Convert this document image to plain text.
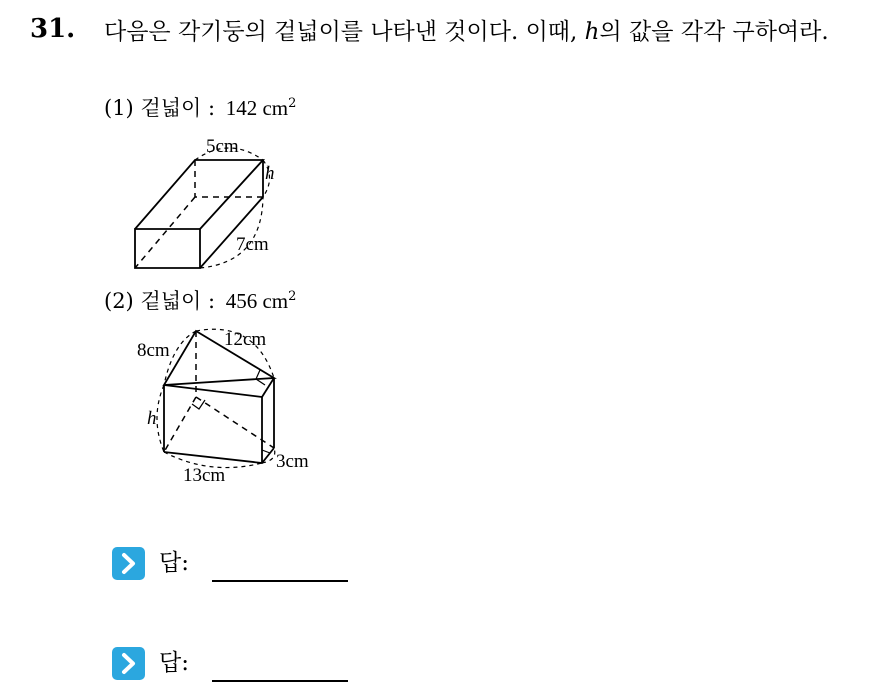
31. 다음은 각기둥의 겉넓이를 나타낸 것이다. 이때, h의 값을 각각 구하여라.
(1) 겉넓이 : 142 $cm^2$
5cm
h
7cm
(2) 겉넓이 : 456 $cm^2$
8cm
12cm
h
13cm
3cm
답:
답:
